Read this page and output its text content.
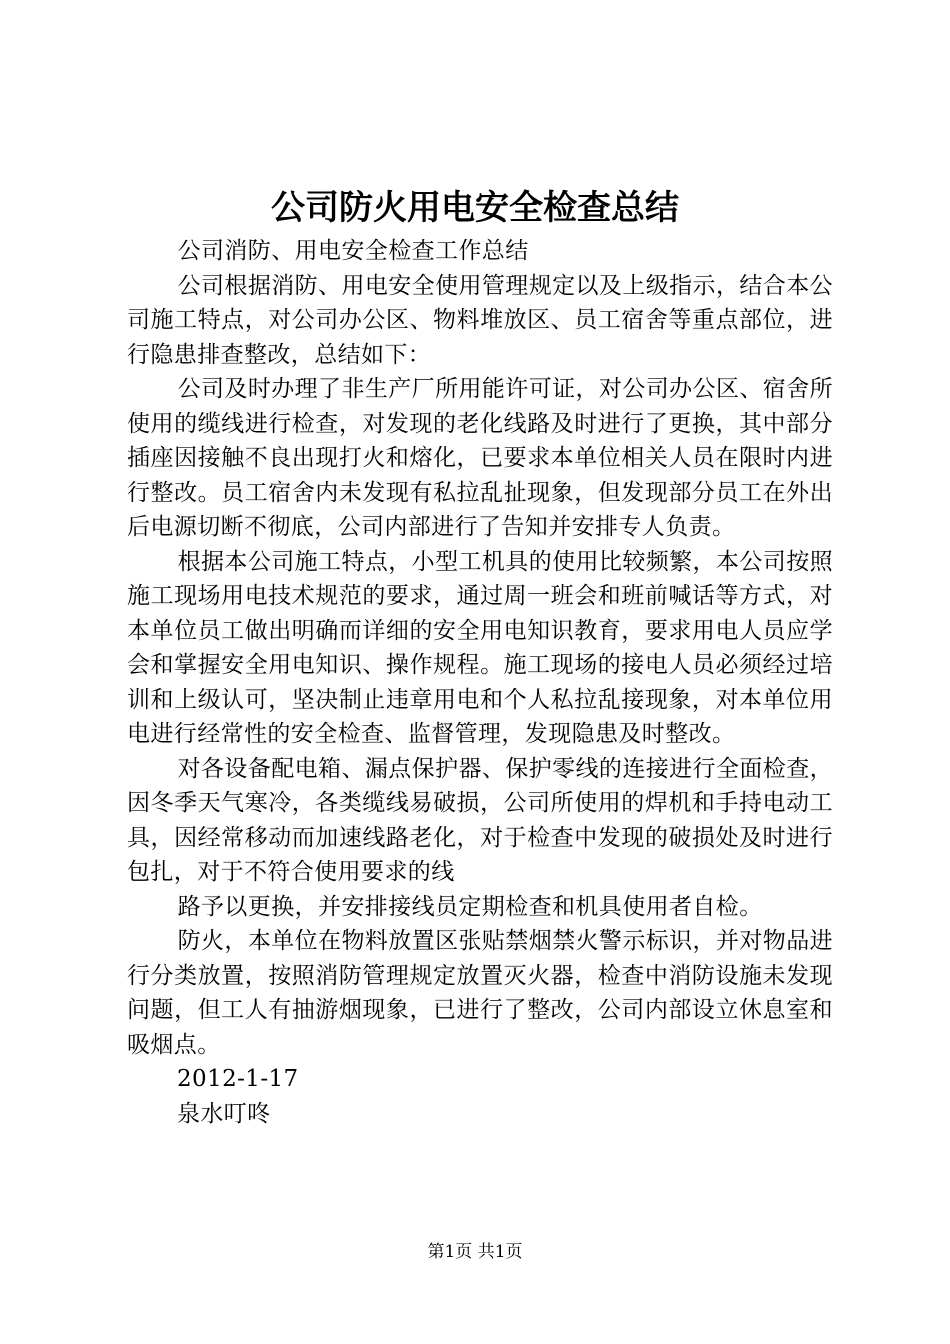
公司防火用电安全检查总结

公司消防、用电安全检查工作总结

公司根据消防、用电安全使用管理规定以及上级指示，结合本公司施工特点，对公司办公区、物料堆放区、员工宿舍等重点部位，进行隐患排查整改，总结如下：

公司及时办理了非生产厂所用能许可证，对公司办公区、宿舍所使用的缆线进行检查，对发现的老化线路及时进行了更换，其中部分插座因接触不良出现打火和熔化，已要求本单位相关人员在限时内进行整改。员工宿舍内未发现有私拉乱扯现象，但发现部分员工在外出后电源切断不彻底，公司内部进行了告知并安排专人负责。

根据本公司施工特点，小型工机具的使用比较频繁，本公司按照施工现场用电技术规范的要求，通过周一班会和班前喊话等方式，对本单位员工做出明确而详细的安全用电知识教育，要求用电人员应学会和掌握安全用电知识、操作规程。施工现场的接电人员必须经过培训和上级认可，坚决制止违章用电和个人私拉乱接现象，对本单位用电进行经常性的安全检查、监督管理，发现隐患及时整改。

对各设备配电箱、漏点保护器、保护零线的连接进行全面检查，因冬季天气寒冷，各类缆线易破损，公司所使用的焊机和手持电动工具，因经常移动而加速线路老化，对于检查中发现的破损处及时进行包扎，对于不符合使用要求的线

路予以更换，并安排接线员定期检查和机具使用者自检。

防火，本单位在物料放置区张贴禁烟禁火警示标识，并对物品进行分类放置，按照消防管理规定放置灭火器，检查中消防设施未发现问题，但工人有抽游烟现象，已进行了整改，公司内部设立休息室和吸烟点。

2012-1-17

泉水叮咚

第1页 共1页
